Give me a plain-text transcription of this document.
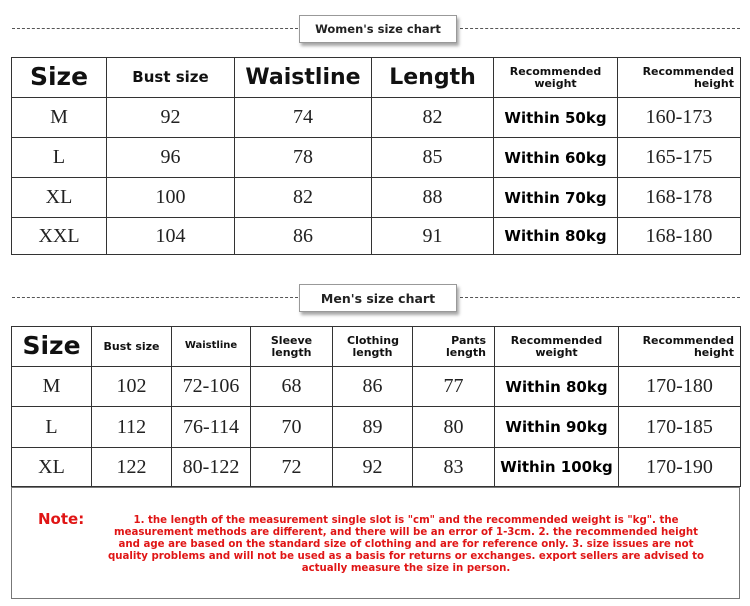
Women's size chart
Size	Bust size	Waistline	Length	Recommended weight	Recommended height
M	92	74	82	Within 50kg	160-173
L	96	78	85	Within 60kg	165-175
XL	100	82	88	Within 70kg	168-178
XXL	104	86	91	Within 80kg	168-180
Men's size chart
Size	Bust size	Waistline	Sleeve length	Clothing length	Pants length	Recommended weight	Recommended height
M	102	72-106	68	86	77	Within 80kg	170-180
L	112	76-114	70	89	80	Within 90kg	170-185
XL	122	80-122	72	92	83	Within 100kg	170-190
Note:	1. the length of the measurement single slot is "cm" and the recommended weight is "kg". the measurement methods are different, and there will be an error of 1-3cm. 2. the recommended height and age are based on the standard size of clothing and are for reference only. 3. size issues are not quality problems and will not be used as a basis for returns or exchanges. export sellers are advised to actually measure the size in person.
